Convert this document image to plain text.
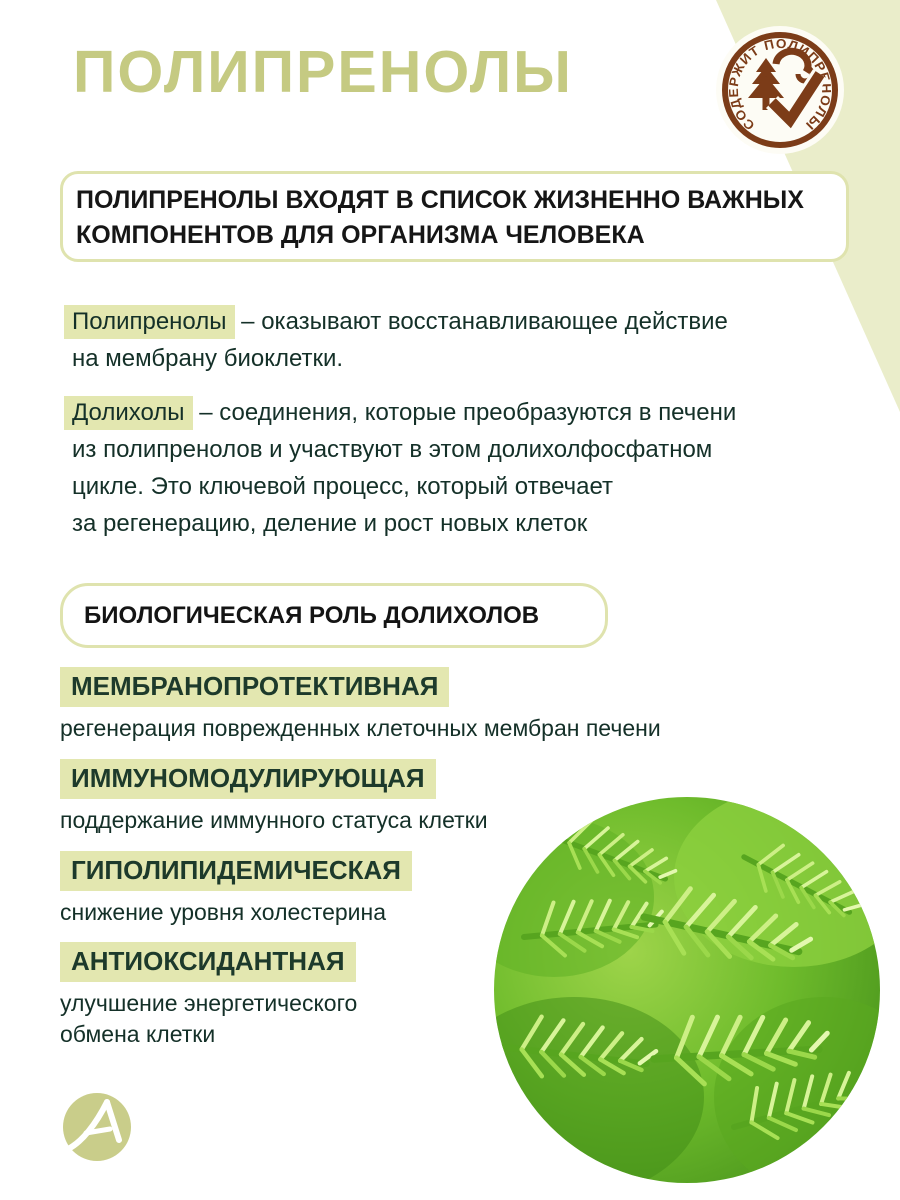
ПОЛИПРЕНОЛЫ
СОДЕРЖИТ ПОЛИПРЕНОЛЫ
ПОЛИПРЕНОЛЫ ВХОДЯТ В СПИСОК ЖИЗНЕННО ВАЖНЫХ
КОМПОНЕНТОВ ДЛЯ ОРГАНИЗМА ЧЕЛОВЕКА

Полипренолы – оказывают восстанавливающее действие
на мембрану биоклетки.

Долихолы – соединения, которые преобразуются в печени
из полипренолов и участвуют в этом долихолфосфатном
цикле. Это ключевой процесс, который отвечает
за регенерацию, деление и рост новых клеток

БИОЛОГИЧЕСКАЯ РОЛЬ ДОЛИХОЛОВ
МЕМБРАНОПРОТЕКТИВНАЯ
регенерация поврежденных клеточных мембран печени
ИММУНОМОДУЛИРУЮЩАЯ
поддержание иммунного статуса клетки
ГИПОЛИПИДЕМИЧЕСКАЯ
снижение уровня холестерина
АНТИОКСИДАНТНАЯ
улучшение энергетического обмена клетки
